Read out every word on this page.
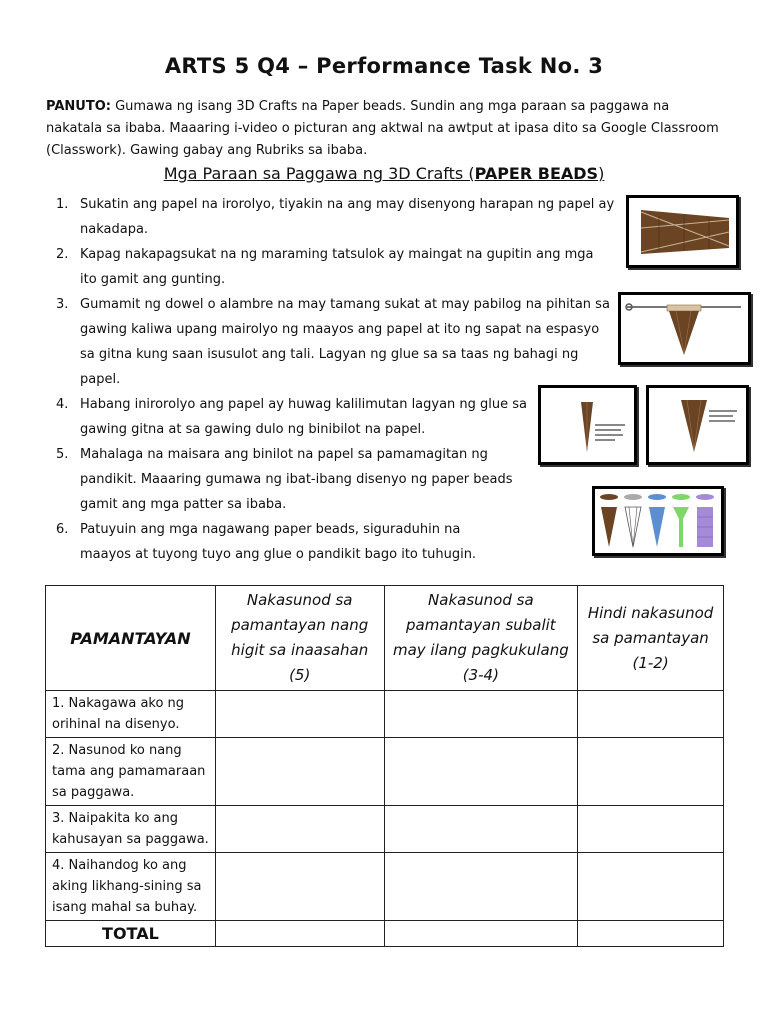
ARTS 5 Q4 – Performance Task No. 3
PANUTO: Gumawa ng isang 3D Crafts na Paper beads. Sundin ang mga paraan sa paggawa na nakatala sa ibaba. Maaaring i-video o picturan ang aktwal na awtput at ipasa dito sa Google Classroom (Classwork). Gawing gabay ang Rubriks sa ibaba.
Mga Paraan sa Paggawa ng 3D Crafts (PAPER BEADS)
1. Sukatin ang papel na irorolyo, tiyakin na ang may disenyong harapan ng papel ay nakadapa.
2. Kapag nakapagsukat na ng maraming tatsulok ay maingat na gupitin ang mga ito gamit ang gunting.
3. Gumamit ng dowel o alambre na may tamang sukat at may pabilog na pihitan sa gawing kaliwa upang mairolyo ng maayos ang papel at ito ng sapat na espasyo sa gitna kung saan isusulot ang tali. Lagyan ng glue sa sa taas ng bahagi ng papel.
4. Habang inirorolyo ang papel ay huwag kalilimutan lagyan ng glue sa gawing gitna at sa gawing dulo ng binibilot na papel.
5. Mahalaga na maisara ang binilot na papel sa pamamagitan ng pandikit. Maaaring gumawa ng ibat-ibang disenyo ng paper beads gamit ang mga patter sa ibaba.
6. Patuyuin ang mga nagawang paper beads, siguraduhin na maayos at tuyong tuyo ang glue o pandikit bago ito tuhugin.
PAMANTAYAN	Nakasunod sa pamantayan nang higit sa inaasahan (5)	Nakasunod sa pamantayan subalit may ilang pagkukulang (3-4)	Hindi nakasunod sa pamantayan (1-2)
1. Nakagawa ako ng orihinal na disenyo.			
2. Nasunod ko nang tama ang pamamaraan sa paggawa.			
3. Naipakita ko ang kahusayan sa paggawa.			
4. Naihandog ko ang aking likhang-sining sa isang mahal sa buhay.			
TOTAL			
